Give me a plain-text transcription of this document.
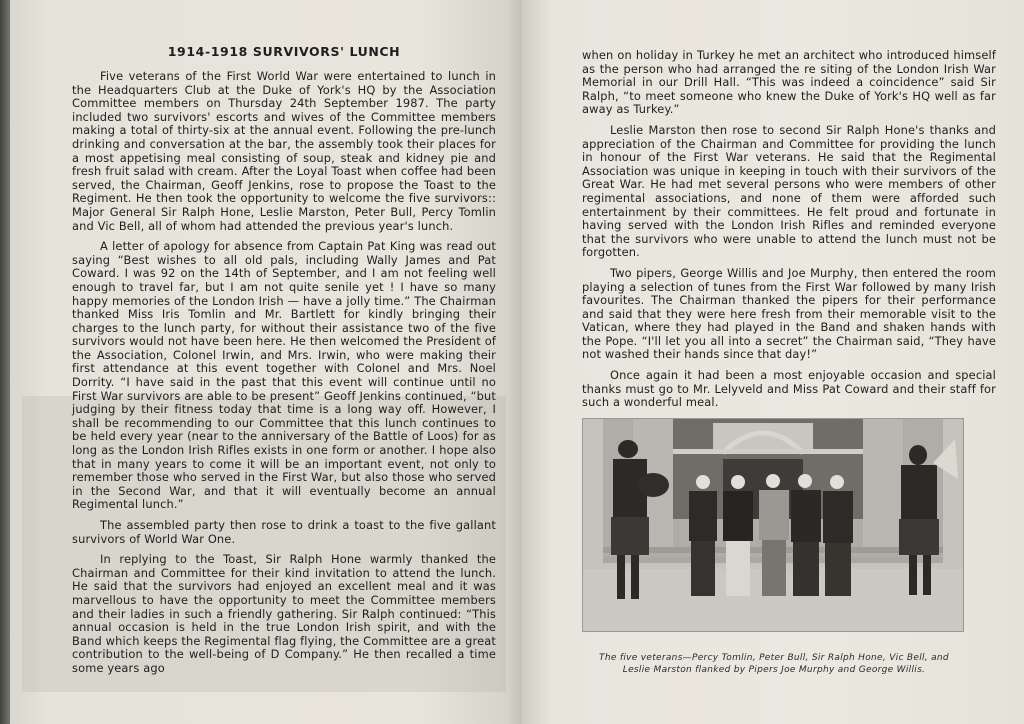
1914-1918 SURVIVORS' LUNCH

Five veterans of the First World War were entertained to lunch in the Headquarters Club at the Duke of York's HQ by the Association Committee members on Thursday 24th September 1987. The party included two survivors' escorts and wives of the Committee members making a total of thirty-six at the annual event. Following the pre-lunch drinking and conversation at the bar, the assembly took their places for a most appetising meal consisting of soup, steak and kidney pie and fresh fruit salad with cream. After the Loyal Toast when coffee had been served, the Chairman, Geoff Jenkins, rose to propose the Toast to the Regiment. He then took the opportunity to welcome the five survivors:: Major General Sir Ralph Hone, Leslie Marston, Peter Bull, Percy Tomlin and Vic Bell, all of whom had attended the previous year's lunch.

A letter of apology for absence from Captain Pat King was read out saying “Best wishes to all old pals, including Wally James and Pat Coward. I was 92 on the 14th of September, and I am not feeling well enough to travel far, but I am not quite senile yet ! I have so many happy memories of the London Irish — have a jolly time.” The Chairman thanked Miss Iris Tomlin and Mr. Bartlett for kindly bringing their charges to the lunch party, for without their assistance two of the five survivors would not have been here. He then welcomed the President of the Association, Colonel Irwin, and Mrs. Irwin, who were making their first attendance at this event together with Colonel and Mrs. Noel Dorrity. “I have said in the past that this event will continue until no First War survivors are able to be present” Geoff Jenkins continued, “but judging by their fitness today that time is a long way off. However, I shall be recommending to our Committee that this lunch continues to be held every year (near to the anniversary of the Battle of Loos) for as long as the London Irish Rifles exists in one form or another. I hope also that in many years to come it will be an important event, not only to remember those who served in the First War, but also those who served in the Second War, and that it will eventually become an annual Regimental lunch.”

The assembled party then rose to drink a toast to the five gallant survivors of World War One.

In replying to the Toast, Sir Ralph Hone warmly thanked the Chairman and Committee for their kind invitation to attend the lunch. He said that the survivors had enjoyed an excellent meal and it was marvellous to have the opportunity to meet the Committee members and their ladies in such a friendly gathering. Sir Ralph continued: “This annual occasion is held in the true London Irish spirit, and with the Band which keeps the Regimental flag flying, the Committee are a great contribution to the well-being of D Company.” He then recalled a time some years ago

when on holiday in Turkey he met an architect who introduced himself as the person who had arranged the re siting of the London Irish War Memorial in our Drill Hall. “This was indeed a coincidence” said Sir Ralph, “to meet someone who knew the Duke of York's HQ well as far away as Turkey.”

Leslie Marston then rose to second Sir Ralph Hone's thanks and appreciation of the Chairman and Committee for providing the lunch in honour of the First War veterans. He said that the Regimental Association was unique in keeping in touch with their survivors of the Great War. He had met several persons who were members of other regimental associations, and none of them were afforded such entertainment by their committees. He felt proud and fortunate in having served with the London Irish Rifles and reminded everyone that the survivors who were unable to attend the lunch must not be forgotten.

Two pipers, George Willis and Joe Murphy, then entered the room playing a selection of tunes from the First War followed by many Irish favourites. The Chairman thanked the pipers for their performance and said that they were here fresh from their memorable visit to the Vatican, where they had played in the Band and shaken hands with the Pope. “I'll let you all into a secret” the Chairman said, “They have not washed their hands since that day!”

Once again it had been a most enjoyable occasion and special thanks must go to Mr. Lelyveld and Miss Pat Coward and their staff for such a wonderful meal.

The five veterans—Percy Tomlin, Peter Bull, Sir Ralph Hone, Vic Bell, and Leslie Marston flanked by Pipers Joe Murphy and George Willis.
